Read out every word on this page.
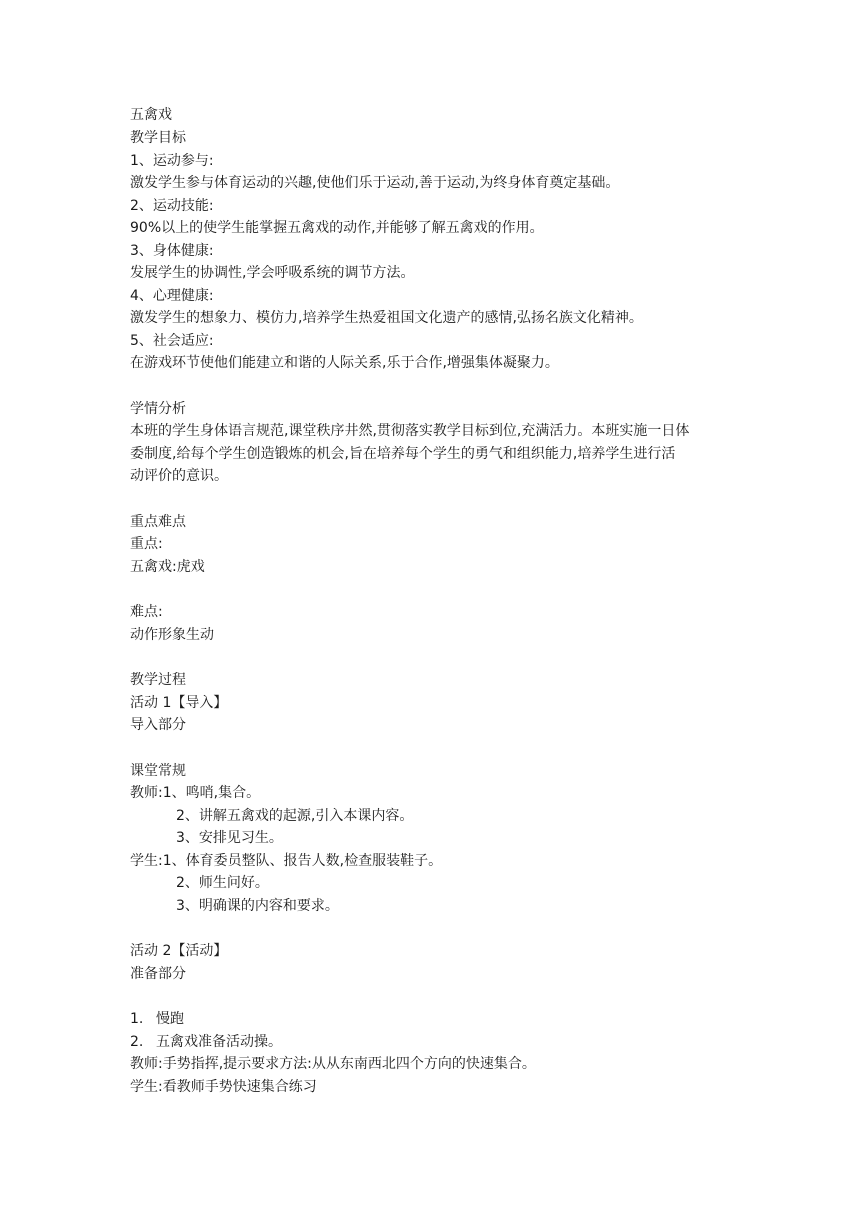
五禽戏
教学目标
1、运动参与:
激发学生参与体育运动的兴趣,使他们乐于运动,善于运动,为终身体育奠定基础。
2、运动技能:
90%以上的使学生能掌握五禽戏的动作,并能够了解五禽戏的作用。
3、身体健康:
发展学生的协调性,学会呼吸系统的调节方法。
4、心理健康:
激发学生的想象力、模仿力,培养学生热爱祖国文化遗产的感情,弘扬名族文化精神。
5、社会适应:
在游戏环节使他们能建立和谐的人际关系,乐于合作,增强集体凝聚力。
学情分析
本班的学生身体语言规范,课堂秩序井然,贯彻落实教学目标到位,充满活力。本班实施一日体
委制度,给每个学生创造锻炼的机会,旨在培养每个学生的勇气和组织能力,培养学生进行活
动评价的意识。
重点难点
重点:
五禽戏:虎戏
难点:
动作形象生动
教学过程
活动 1【导入】
导入部分
课堂常规
教师:1、鸣哨,集合。
2、讲解五禽戏的起源,引入本课内容。
3、安排见习生。
学生:1、体育委员整队、报告人数,检查服装鞋子。
2、师生问好。
3、明确课的内容和要求。
活动 2【活动】
准备部分
1. 慢跑
2. 五禽戏准备活动操。
教师:手势指挥,提示要求方法:从从东南西北四个方向的快速集合。
学生:看教师手势快速集合练习
